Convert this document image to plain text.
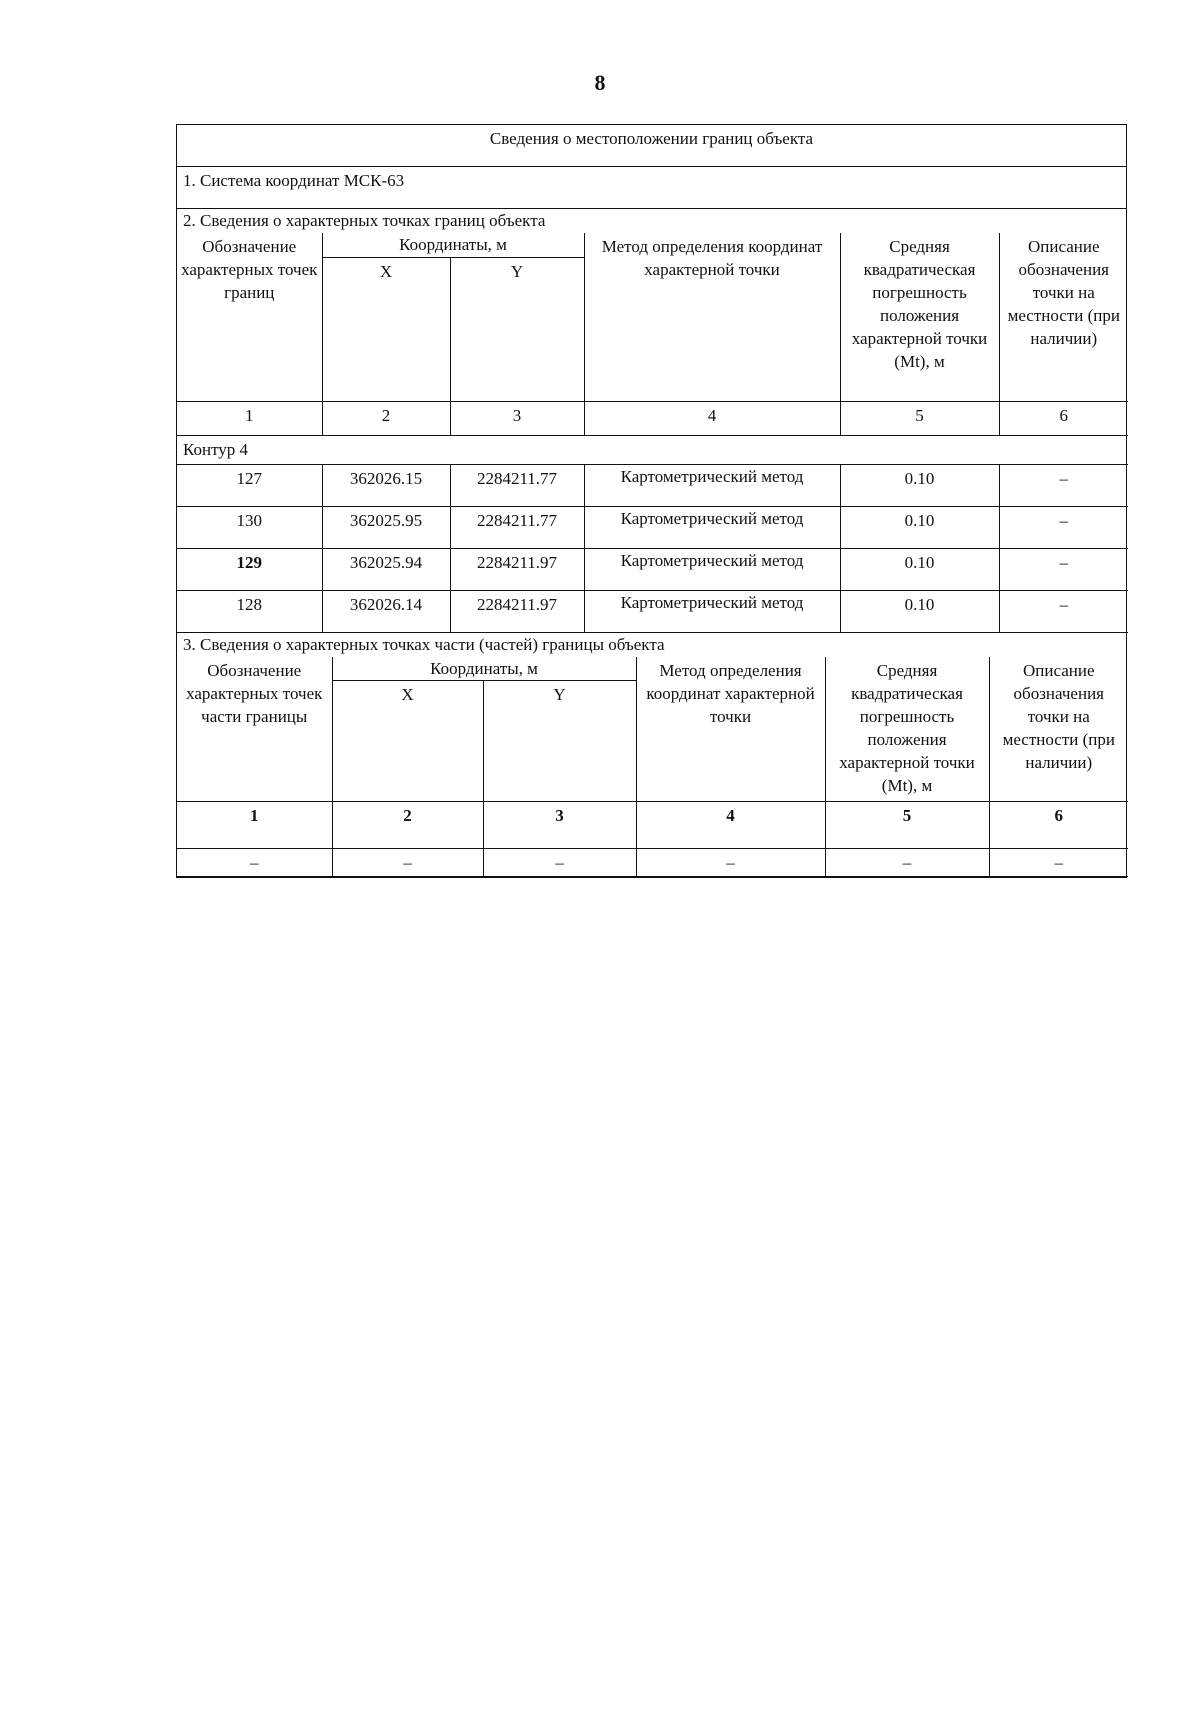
8
Сведения о местоположении границ объекта
1. Система координат МСК-63
2. Сведения о характерных точках границ объекта
Обозначение характерных точек границ	Координаты, м		Метод определения координат характерной точки	Средняя квадратическая погрешность положения характерной точки (Mt), м	Описание обозначения точки на местности (при наличии)
	X	Y			
1	2	3	4	5	6
Контур 4					
127	362026.15	2284211.77	Картометрический метод	0.10	–
130	362025.95	2284211.77	Картометрический метод	0.10	–
129	362025.94	2284211.97	Картометрический метод	0.10	–
128	362026.14	2284211.97	Картометрический метод	0.10	–
3. Сведения о характерных точках части (частей) границы объекта
Обозначение характерных точек части границы	Координаты, м		Метод определения координат характерной точки	Средняя квадратическая погрешность положения характерной точки (Mt), м	Описание обозначения точки на местности (при наличии)
	X	Y			
1	2	3	4	5	6
–	–	–	–	–	–
